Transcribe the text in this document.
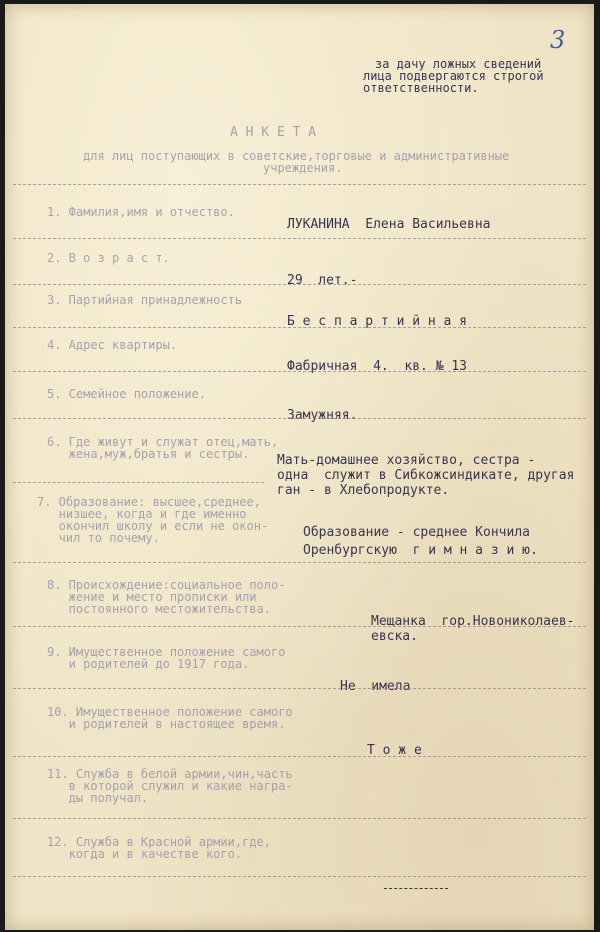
3
за дачу ложных сведений
лица подвергаются строгой
ответственности.
А Н К Е Т А
для лиц поступающих в советские,торговые и административные
учреждения.
1. Фамилия,имя и отчество.
ЛУКАНИНА  Елена Васильевна
2. В о з р а с т.
29  лет.-
3. Партийная принадлежность
Б е с п а р т и й н а я
4. Адрес квартиры.
Фабричная  4.  кв. № 13
5. Семейное положение.
Замужняя.
6. Где живут и служат отец,мать,
жена,муж,братья и сестры. Мать-домашнее хозяйство, сестра -
одна  служит в Сибкожсиндикате, другая
ган - в Хлебопродукте.
7. Образование: высшее,среднее,
низшее, когда и где именно
окончил школу и если не окон-
чил то почему.	Образование - среднее Кончила
Оренбургскую  г и м н а з и ю.
8. Происхождение:социальное поло-
жение и место прописки или
постоянного местожительства.
Мещанка  гор.Новониколаев-
евска.
9. Имущественное положение самого
и родителей до 1917 года.
Не  имела
10. Имущественное положение самого
и родителей в настоящее время.
Т о ж е
11. Служба в белой армии,чин,часть
в которой служил и какие награ-
ды получал.
12. Служба в Красной армии,где,
когда и в качестве кого.
